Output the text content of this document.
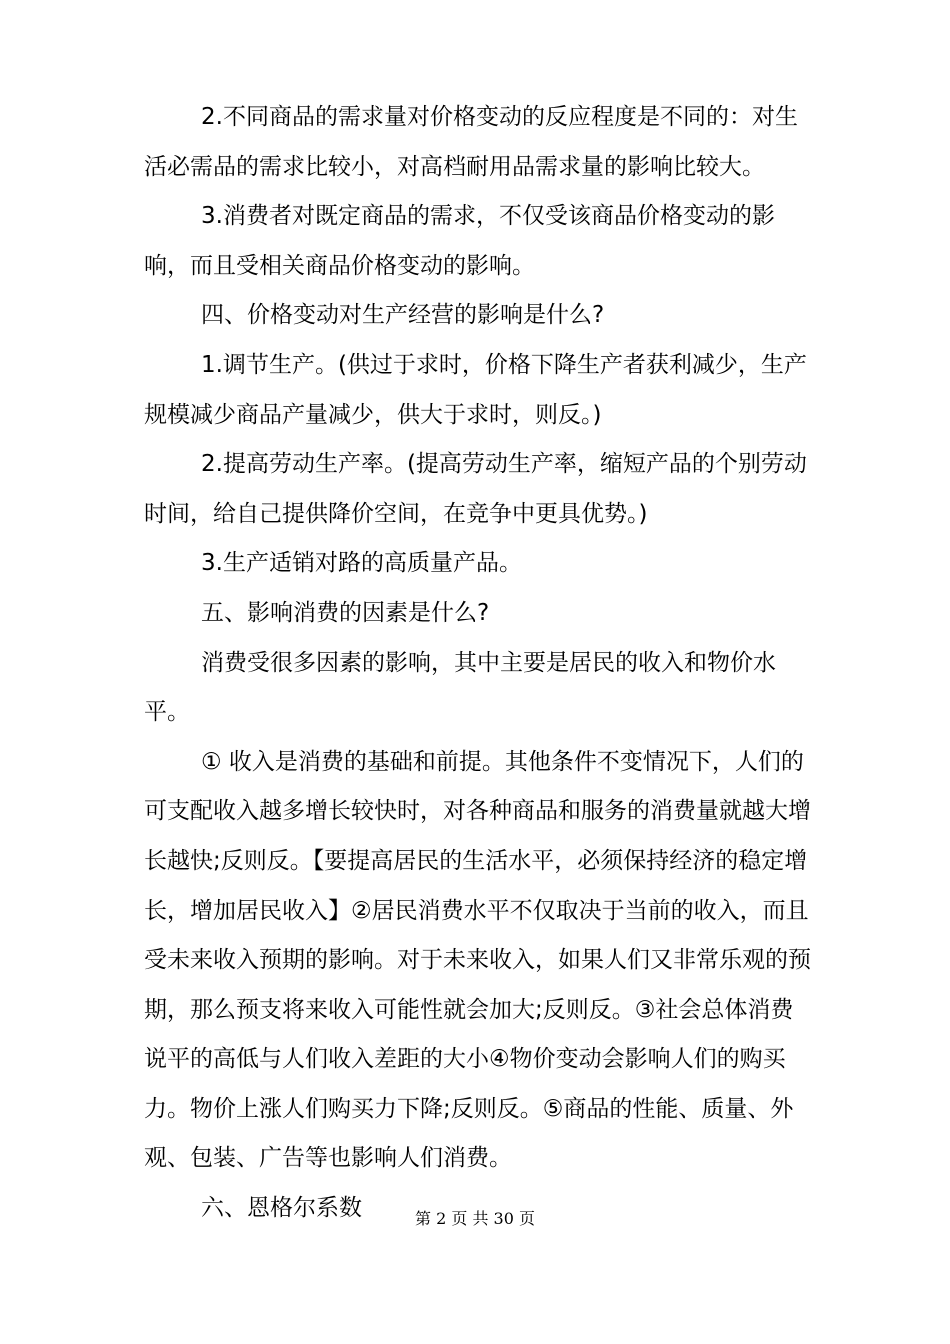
2.不同商品的需求量对价格变动的反应程度是不同的：对生活必需品的需求比较小，对高档耐用品需求量的影响比较大。

3.消费者对既定商品的需求，不仅受该商品价格变动的影响，而且受相关商品价格变动的影响。

四、价格变动对生产经营的影响是什么?

1.调节生产。(供过于求时，价格下降生产者获利减少，生产规模减少商品产量减少，供大于求时，则反。)

2.提高劳动生产率。(提高劳动生产率，缩短产品的个别劳动时间，给自己提供降价空间，在竞争中更具优势。)

3.生产适销对路的高质量产品。

五、影响消费的因素是什么?

消费受很多因素的影响，其中主要是居民的收入和物价水平。

① 收入是消费的基础和前提。其他条件不变情况下，人们的可支配收入越多增长较快时，对各种商品和服务的消费量就越大增长越快;反则反。【要提高居民的生活水平，必须保持经济的稳定增长，增加居民收入】②居民消费水平不仅取决于当前的收入，而且受未来收入预期的影响。对于未来收入，如果人们又非常乐观的预期，那么预支将来收入可能性就会加大;反则反。③社会总体消费说平的高低与人们收入差距的大小④物价变动会影响人们的购买力。物价上涨人们购买力下降;反则反。⑤商品的性能、质量、外观、包装、广告等也影响人们消费。

六、恩格尔系数	第 2 页 共 30 页
